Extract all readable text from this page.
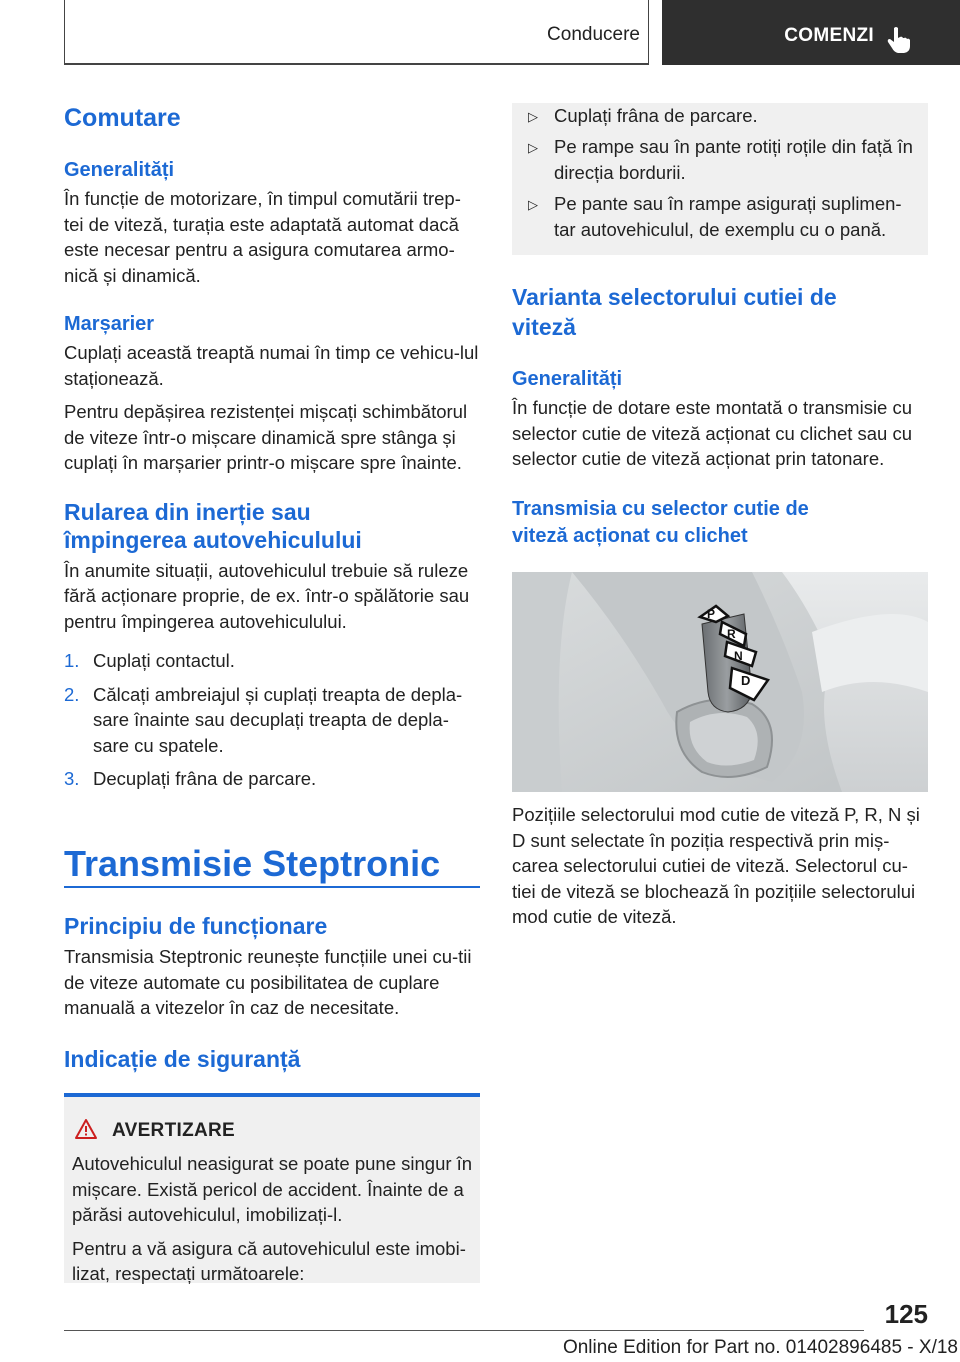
Conducere	COMENZI
Comutare
Generalități

În funcție de motorizare, în timpul comutării trep-tei de viteză, turația este adaptată automat dacă este necesar pentru a asigura comutarea armo-nică și dinamică.

Marșarier

Cuplați această treaptă numai în timp ce vehicu-lul staționează.

Pentru depășirea rezistenței mișcați schimbătorul de viteze într-o mișcare dinamică spre stânga și cuplați în marșarier printr-o mișcare spre înainte.

Rularea din inerție sau
împingerea autovehiculului

În anumite situații, autovehiculul trebuie să ruleze fără acționare proprie, de ex. într-o spălătorie sau pentru împingerea autovehiculului.

1. Cuplați contactul.
2. Călcați ambreiajul și cuplați treapta de depla-sare înainte sau decuplați treapta de depla-sare cu spatele.
3. Decuplați frâna de parcare.
Transmisie Steptronic
Principiu de funcționare

Transmisia Steptronic reunește funcțiile unei cu-tii de viteze automate cu posibilitatea de cuplare manuală a vitezelor în caz de necesitate.

Indicație de siguranță
AVERTIZARE

Autovehiculul neasigurat se poate pune singur în mișcare. Există pericol de accident. Înainte de a părăsi autovehiculul, imobilizați-l.

Pentru a vă asigura că autovehiculul este imobi-lizat, respectați următoarele:

▷ Cuplați frâna de parcare.
▷ Pe rampe sau în pante rotiți roțile din față în direcția bordurii.
▷ Pe pante sau în rampe asigurați suplimen-tar autovehiculul, de exemplu cu o pană.
Varianta selectorului cutiei de
viteză
Generalități

În funcție de dotare este montată o transmisie cu selector cutie de viteză acționat cu clichet sau cu selector cutie de viteză acționat prin tatonare.

Transmisia cu selector cutie de
viteză acționat cu clichet
P
R
N
D

Pozițiile selectorului mod cutie de viteză P, R, N și D sunt selectate în poziția respectivă prin miș-carea selectorului cutiei de viteză. Selectorul cu-tiei de viteză se blochează în pozițiile selectorului mod cutie de viteză.

125
Online Edition for Part no. 01402896485 - X/18
